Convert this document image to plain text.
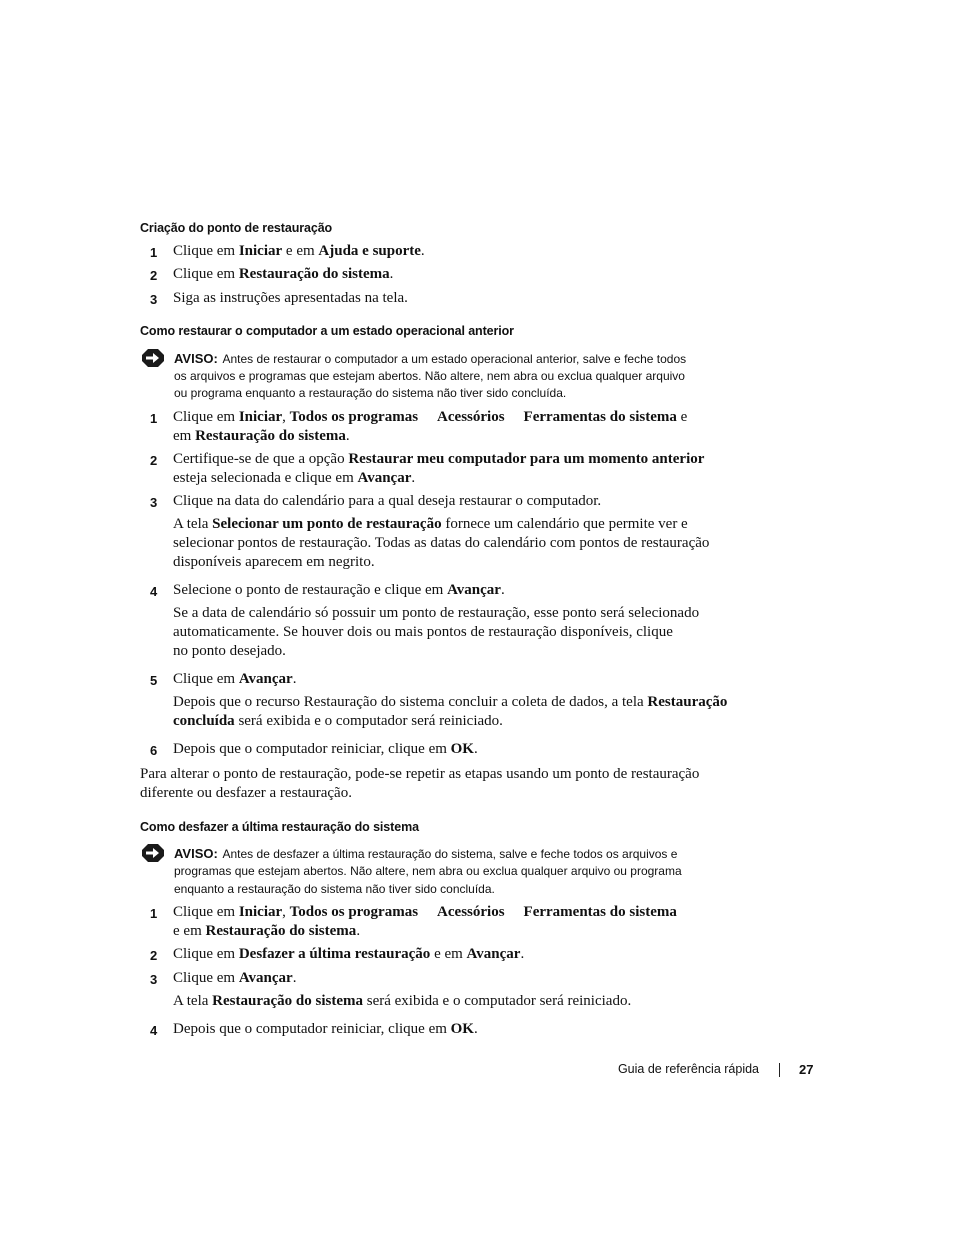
Criação do ponto de restauração
1 Clique em Iniciar e em Ajuda e suporte.
2 Clique em Restauração do sistema.
3 Siga as instruções apresentadas na tela.
Como restaurar o computador a um estado operacional anterior
AVISO: Antes de restaurar o computador a um estado operacional anterior, salve e feche todos
os arquivos e programas que estejam abertos. Não altere, nem abra ou exclua qualquer arquivo
ou programa enquanto a restauração do sistema não tiver sido concluída.
1 Clique em Iniciar, Todos os programas Acessórios Ferramentas do sistema e
em Restauração do sistema.
2 Certifique-se de que a opção Restaurar meu computador para um momento anterior
esteja selecionada e clique em Avançar.
3 Clique na data do calendário para a qual deseja restaurar o computador.
A tela Selecionar um ponto de restauração fornece um calendário que permite ver e
selecionar pontos de restauração. Todas as datas do calendário com pontos de restauração
disponíveis aparecem em negrito.
4 Selecione o ponto de restauração e clique em Avançar.
Se a data de calendário só possuir um ponto de restauração, esse ponto será selecionado
automaticamente. Se houver dois ou mais pontos de restauração disponíveis, clique
no ponto desejado.
5 Clique em Avançar.
Depois que o recurso Restauração do sistema concluir a coleta de dados, a tela Restauração
concluída será exibida e o computador será reiniciado.
6 Depois que o computador reiniciar, clique em OK.
Para alterar o ponto de restauração, pode-se repetir as etapas usando um ponto de restauração
diferente ou desfazer a restauração.
Como desfazer a última restauração do sistema
AVISO: Antes de desfazer a última restauração do sistema, salve e feche todos os arquivos e
programas que estejam abertos. Não altere, nem abra ou exclua qualquer arquivo ou programa
enquanto a restauração do sistema não tiver sido concluída.
1 Clique em Iniciar, Todos os programas Acessórios Ferramentas do sistema
e em Restauração do sistema.
2 Clique em Desfazer a última restauração e em Avançar.
3 Clique em Avançar.
A tela Restauração do sistema será exibida e o computador será reiniciado.
4 Depois que o computador reiniciar, clique em OK.
Guia de referência rápida	27
